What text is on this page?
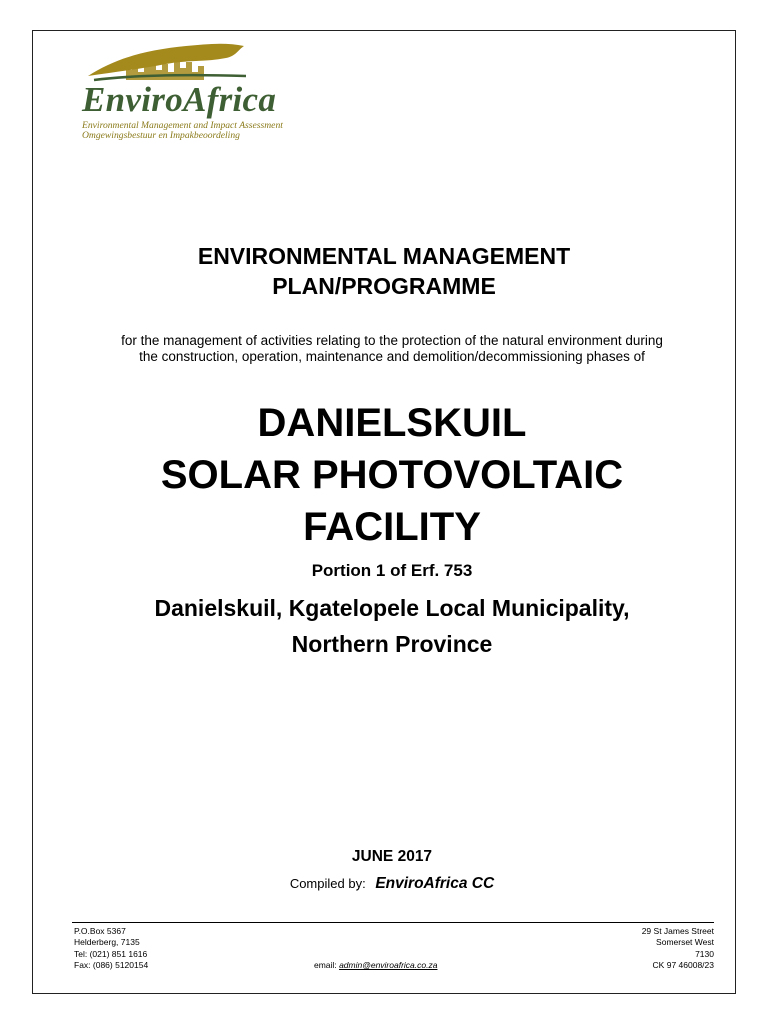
EnviroAfrica
Environmental Management and Impact Assessment
Omgewingsbestuur en Impakbeoordeling
ENVIRONMENTAL MANAGEMENT
PLAN/PROGRAMME
for the management of activities relating to the protection of the natural environment during
the construction, operation, maintenance and demolition/decommissioning phases of
DANIELSKUIL
SOLAR PHOTOVOLTAIC
FACILITY
Portion 1 of Erf. 753
Danielskuil, Kgatelopele Local Municipality,
Northern Province
JUNE 2017
Compiled by: EnviroAfrica CC
P.O.Box 5367
Helderberg, 7135
Tel: (021) 851 1616
Fax: (086) 5120154	email: admin@enviroafrica.co.za
29 St James Street
Somerset West
7130
CK 97 46008/23
